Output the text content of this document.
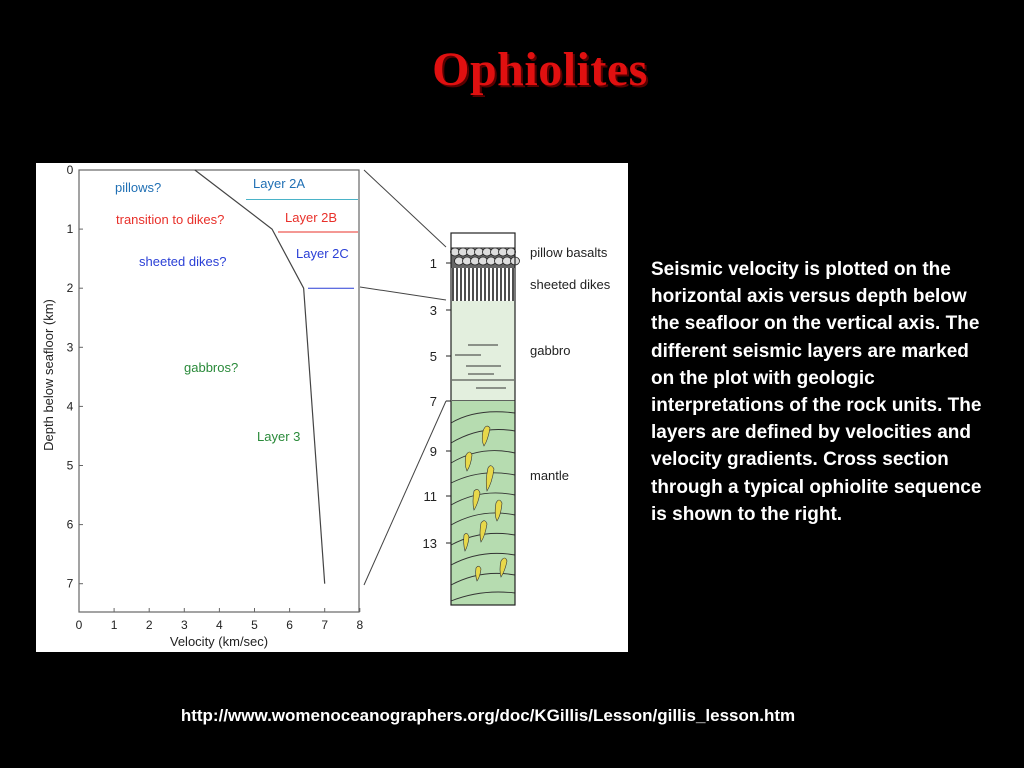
Ophiolites
0 1 2 3 4 5 6 7 8
0
1
2
3
4
5
6
7
Velocity (km/sec)
Depth below seafloor (km)
pillows?
transition to dikes?
sheeted dikes?
gabbros?
Layer 2A
Layer 2B
Layer 2C
Layer 3
1
3
5
7
9
11
13
pillow basalts
sheeted dikes
gabbro
mantle
Seismic velocity is plotted on the horizontal axis versus depth below the seafloor on the vertical axis. The different seismic layers are marked on the plot with geologic interpretations of the rock units. The layers are defined by velocities and velocity gradients. Cross section through a typical ophiolite sequence is shown to the right.
http://www.womenoceanographers.org/doc/KGillis/Lesson/gillis_lesson.htm
